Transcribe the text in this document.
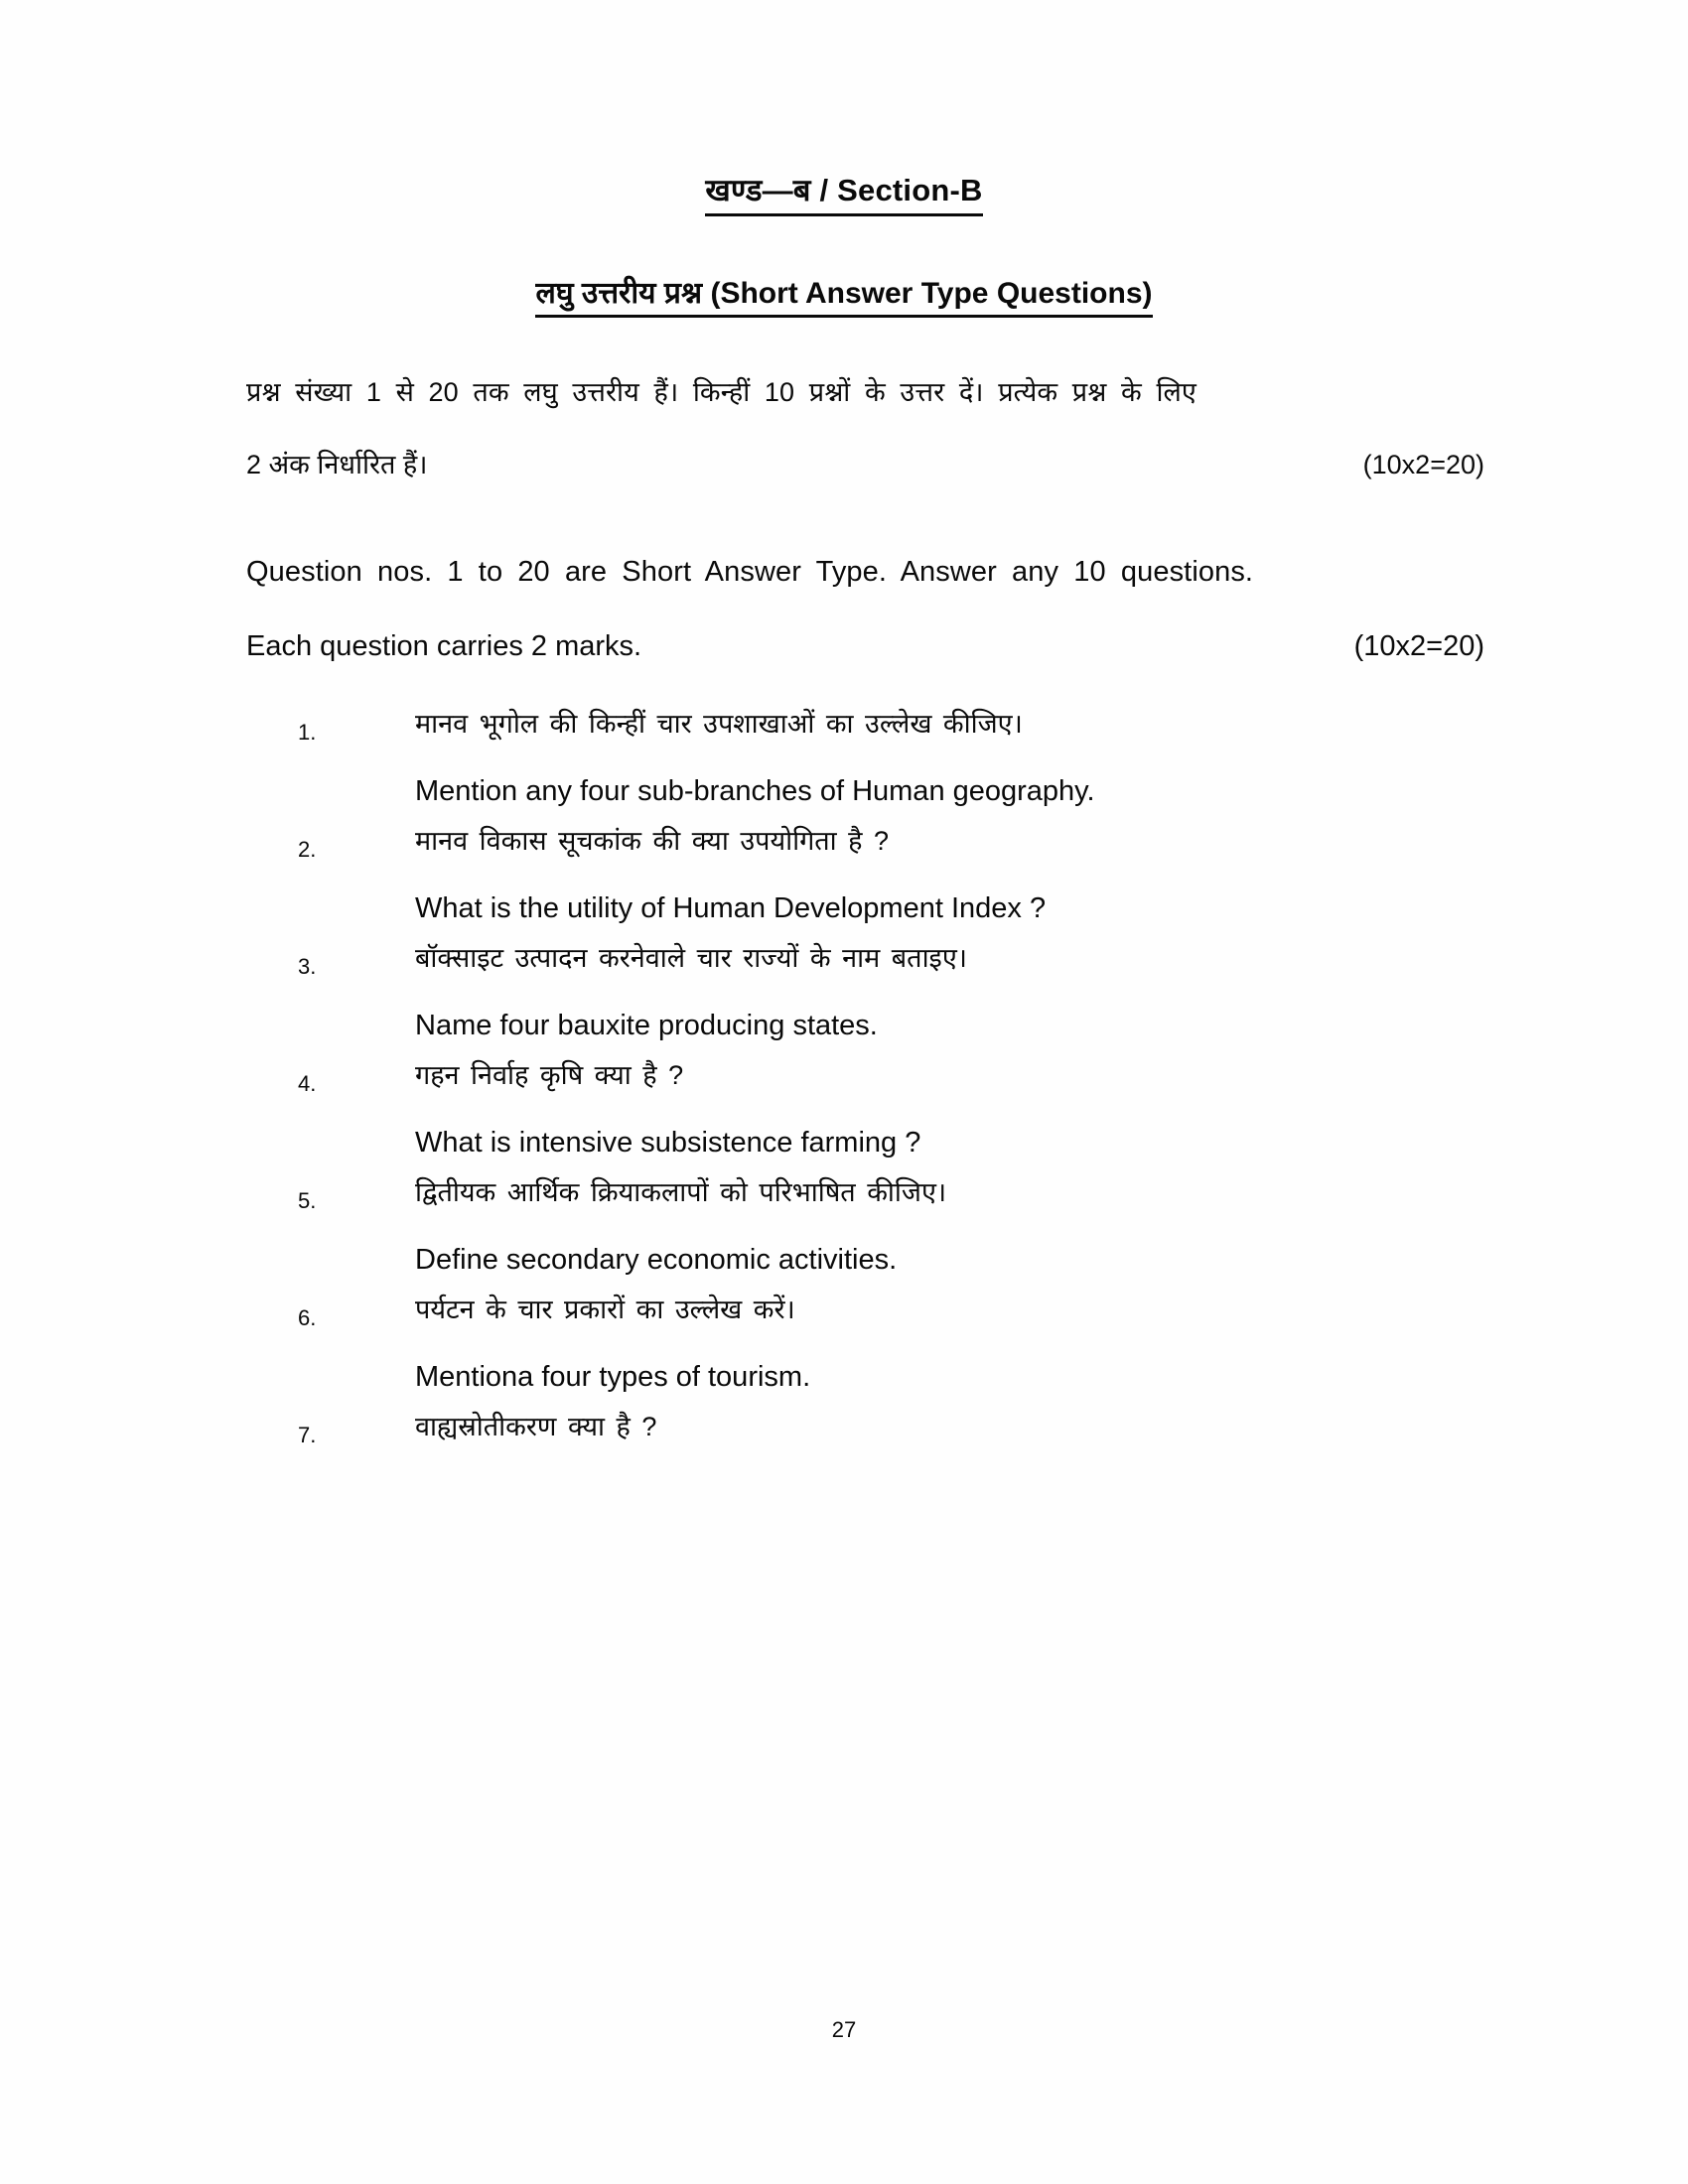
खण्ड—ब / Section-B
लघु उत्तरीय प्रश्न (Short Answer Type Questions)
प्रश्न संख्या 1 से 20 तक लघु उत्तरीय हैं। किन्हीं 10 प्रश्नों के उत्तर दें। प्रत्येक प्रश्न के लिए
2 अंक निर्धारित हैं।	(10x2=20)
Question nos. 1 to 20 are Short Answer Type. Answer any 10 questions.
Each question carries 2 marks.	(10x2=20)
1.	मानव भूगोल की किन्हीं चार उपशाखाओं का उल्लेख कीजिए।
Mention any four sub-branches of Human geography.
2.	मानव विकास सूचकांक की क्या उपयोगिता है ?
What is the utility of Human Development Index ?
3.	बॉक्साइट उत्पादन करनेवाले चार राज्यों के नाम बताइए।
Name four bauxite producing states.
4.	गहन निर्वाह कृषि क्या है ?
What is intensive subsistence farming ?
5.	द्वितीयक आर्थिक क्रियाकलापों को परिभाषित कीजिए।
Define secondary economic activities.
6.	पर्यटन के चार प्रकारों का उल्लेख करें।
Mentiona four types of tourism.
7.	वाह्यस्रोतीकरण क्या है ?
27
